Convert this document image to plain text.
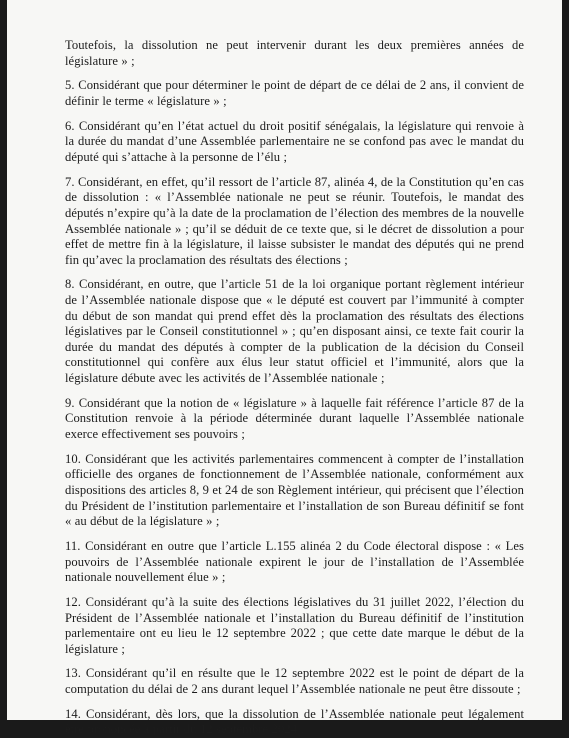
Toutefois, la dissolution ne peut intervenir durant les deux premières années de législature » ;

5. Considérant que pour déterminer le point de départ de ce délai de 2 ans, il convient de définir le terme « législature » ;

6. Considérant qu’en l’état actuel du droit positif sénégalais, la législature qui renvoie à la durée du mandat d’une Assemblée parlementaire ne se confond pas avec le mandat du député qui s’attache à la personne de l’élu ;

7. Considérant, en effet, qu’il ressort de l’article 87, alinéa 4, de la Constitution qu’en cas de dissolution : « l’Assemblée nationale ne peut se réunir. Toutefois, le mandat des députés n’expire qu’à la date de la proclamation de l’élection des membres de la nouvelle Assemblée nationale » ; qu’il se déduit de ce texte que, si le décret de dissolution a pour effet de mettre fin à la législature, il laisse subsister le mandat des députés qui ne prend fin qu’avec la proclamation des résultats des élections ;

8. Considérant, en outre, que l’article 51 de la loi organique portant règlement intérieur de l’Assemblée nationale dispose que « le député est couvert par l’immunité à compter du début de son mandat qui prend effet dès la proclamation des résultats des élections législatives par le Conseil constitutionnel » ; qu’en disposant ainsi, ce texte fait courir la durée du mandat des députés à compter de la publication de la décision du Conseil constitutionnel qui confère aux élus leur statut officiel et l’immunité, alors que la législature débute avec les activités de l’Assemblée nationale ;

9. Considérant que la notion de « législature » à laquelle fait référence l’article 87 de la Constitution renvoie à la période déterminée durant laquelle l’Assemblée nationale exerce effectivement ses pouvoirs ;

10. Considérant que les activités parlementaires commencent à compter de l’installation officielle des organes de fonctionnement de l’Assemblée nationale, conformément aux dispositions des articles 8, 9 et 24 de son Règlement intérieur, qui précisent que l’élection du Président de l’institution parlementaire et l’installation de son Bureau définitif se font « au début de la législature » ;

11. Considérant en outre que l’article L.155 alinéa 2 du Code électoral dispose : « Les pouvoirs de l’Assemblée nationale expirent le jour de l’installation de l’Assemblée nationale nouvellement élue » ;

12. Considérant qu’à la suite des élections législatives du 31 juillet 2022, l’élection du Président de l’Assemblée nationale et l’installation du Bureau définitif de l’institution parlementaire ont eu lieu le 12 septembre 2022 ; que cette date marque le début de la législature ;

13. Considérant qu’il en résulte que le 12 septembre 2022 est le point de départ de la computation du délai de 2 ans durant lequel l’Assemblée nationale ne peut être dissoute ;

14. Considérant, dès lors, que la dissolution de l’Assemblée nationale peut légalement être prononcée à partir du 12 septembre 2024 ;
